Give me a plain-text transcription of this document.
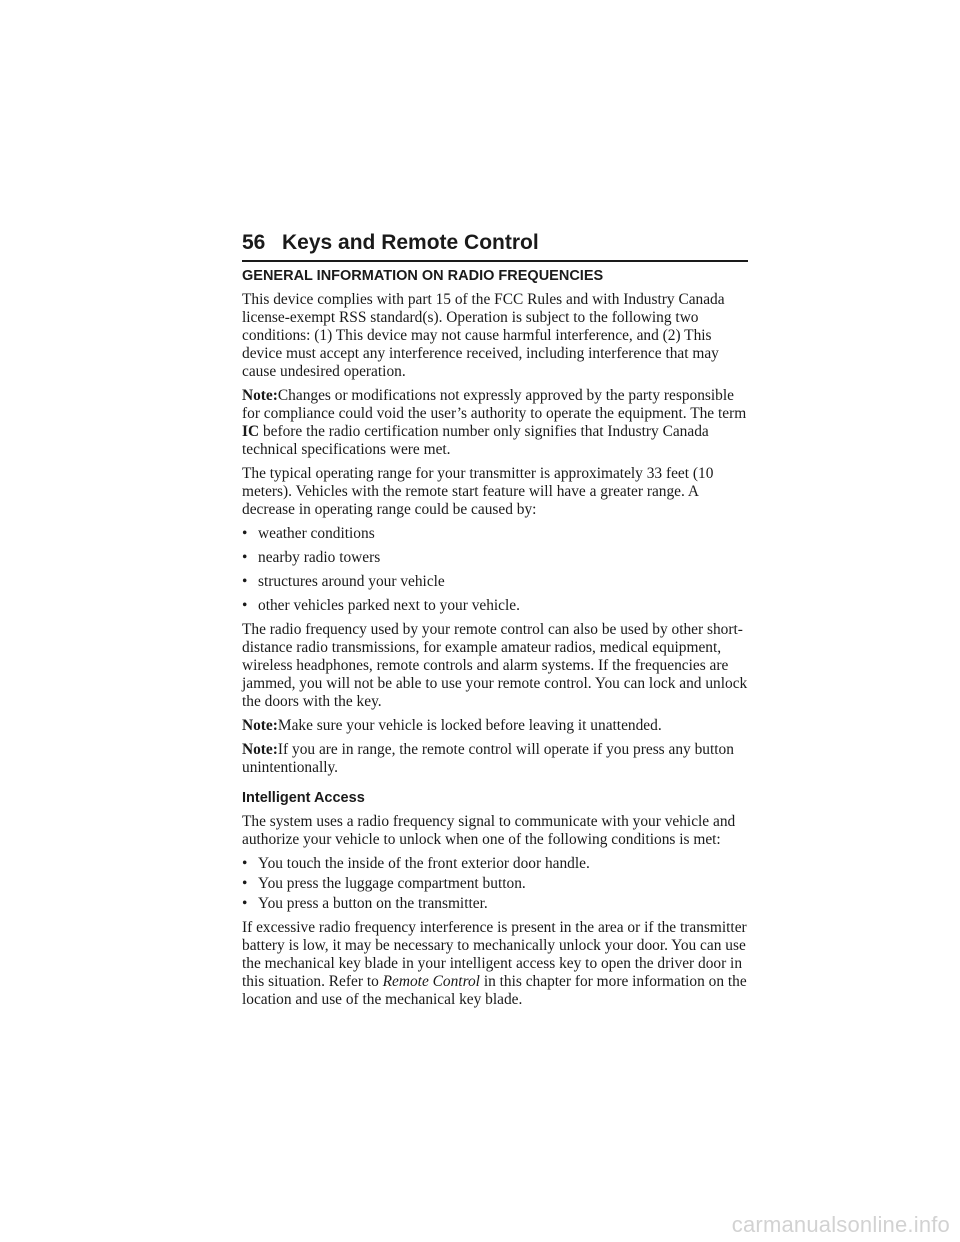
56 Keys and Remote Control
GENERAL INFORMATION ON RADIO FREQUENCIES

This device complies with part 15 of the FCC Rules and with Industry Canada license-exempt RSS standard(s). Operation is subject to the following two conditions: (1) This device may not cause harmful interference, and (2) This device must accept any interference received, including interference that may cause undesired operation.

Note:Changes or modifications not expressly approved by the party responsible for compliance could void the user’s authority to operate the equipment. The term IC before the radio certification number only signifies that Industry Canada technical specifications were met.

The typical operating range for your transmitter is approximately 33 feet (10 meters). Vehicles with the remote start feature will have a greater range. A decrease in operating range could be caused by:

• weather conditions
• nearby radio towers
• structures around your vehicle
• other vehicles parked next to your vehicle.

The radio frequency used by your remote control can also be used by other short-distance radio transmissions, for example amateur radios, medical equipment, wireless headphones, remote controls and alarm systems. If the frequencies are jammed, you will not be able to use your remote control. You can lock and unlock the doors with the key.

Note:Make sure your vehicle is locked before leaving it unattended.

Note:If you are in range, the remote control will operate if you press any button unintentionally.

Intelligent Access

The system uses a radio frequency signal to communicate with your vehicle and authorize your vehicle to unlock when one of the following conditions is met:

• You touch the inside of the front exterior door handle.
• You press the luggage compartment button.
• You press a button on the transmitter.

If excessive radio frequency interference is present in the area or if the transmitter battery is low, it may be necessary to mechanically unlock your door. You can use the mechanical key blade in your intelligent access key to open the driver door in this situation. Refer to Remote Control in this chapter for more information on the location and use of the mechanical key blade.

carmanualsonline.info
